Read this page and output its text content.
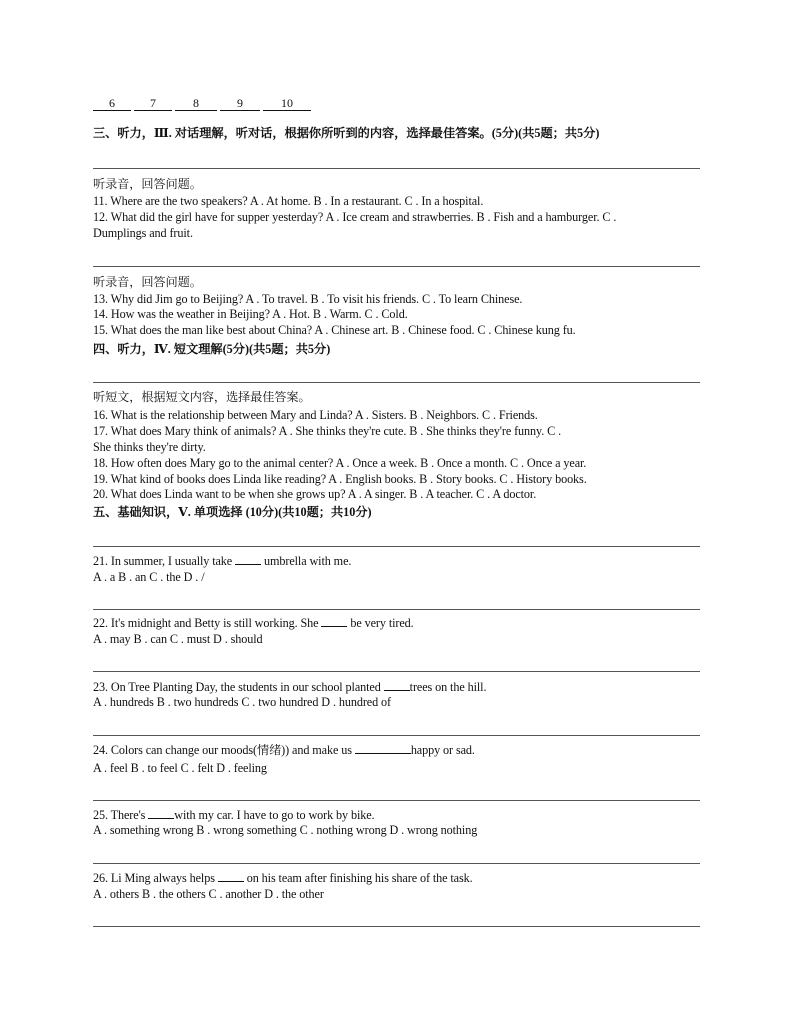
6	7	8	9	10
三、听力，Ⅲ. 对话理解，听对话，根据你所听到的内容，选择最佳答案。(5分)(共5题；共5分)
听录音，回答问题。
11. Where are the two speakers? A . At home. B . In a restaurant. C . In a hospital.
12. What did the girl have for supper yesterday? A . Ice cream and strawberries. B . Fish and a hamburger. C .
Dumplings and fruit.
听录音，回答问题。
13. Why did Jim go to Beijing? A . To travel. B . To visit his friends. C . To learn Chinese.
14. How was the weather in Beijing? A . Hot. B . Warm. C . Cold.
15. What does the man like best about China? A . Chinese art. B . Chinese food. C . Chinese kung fu.
四、听力，Ⅳ. 短文理解(5分)(共5题；共5分)
听短文，根据短文内容，选择最佳答案。
16. What is the relationship between Mary and Linda? A . Sisters. B . Neighbors. C . Friends.
17. What does Mary think of animals? A . She thinks they're cute. B . She thinks they're funny. C .
She thinks they're dirty.
18. How often does Mary go to the animal center? A . Once a week. B . Once a month. C . Once a year.
19. What kind of books does Linda like reading? A . English books. B . Story books. C . History books.
20. What does Linda want to be when she grows up? A . A singer. B . A teacher. C . A doctor.
五、基础知识，Ⅴ. 单项选择 (10分)(共10题；共10分)
21. In summer, I usually take  umbrella with me.
A . a B . an C . the D . /
22. It's midnight and Betty is still working. She  be very tired.
A . may B . can C . must D . should
23. On Tree Planting Day, the students in our school planted trees on the hill.
A . hundreds B . two hundreds C . two hundred D . hundred of
24. Colors can change our moods(情绪)) and make us	happy or sad.
A . feel B . to feel C . felt D . feeling
25. There's with my car. I have to go to work by bike.
A . something wrong B . wrong something C . nothing wrong D . wrong nothing
26. Li Ming always helps  on his team after finishing his share of the task.
A . others B . the others C . another D . the other
